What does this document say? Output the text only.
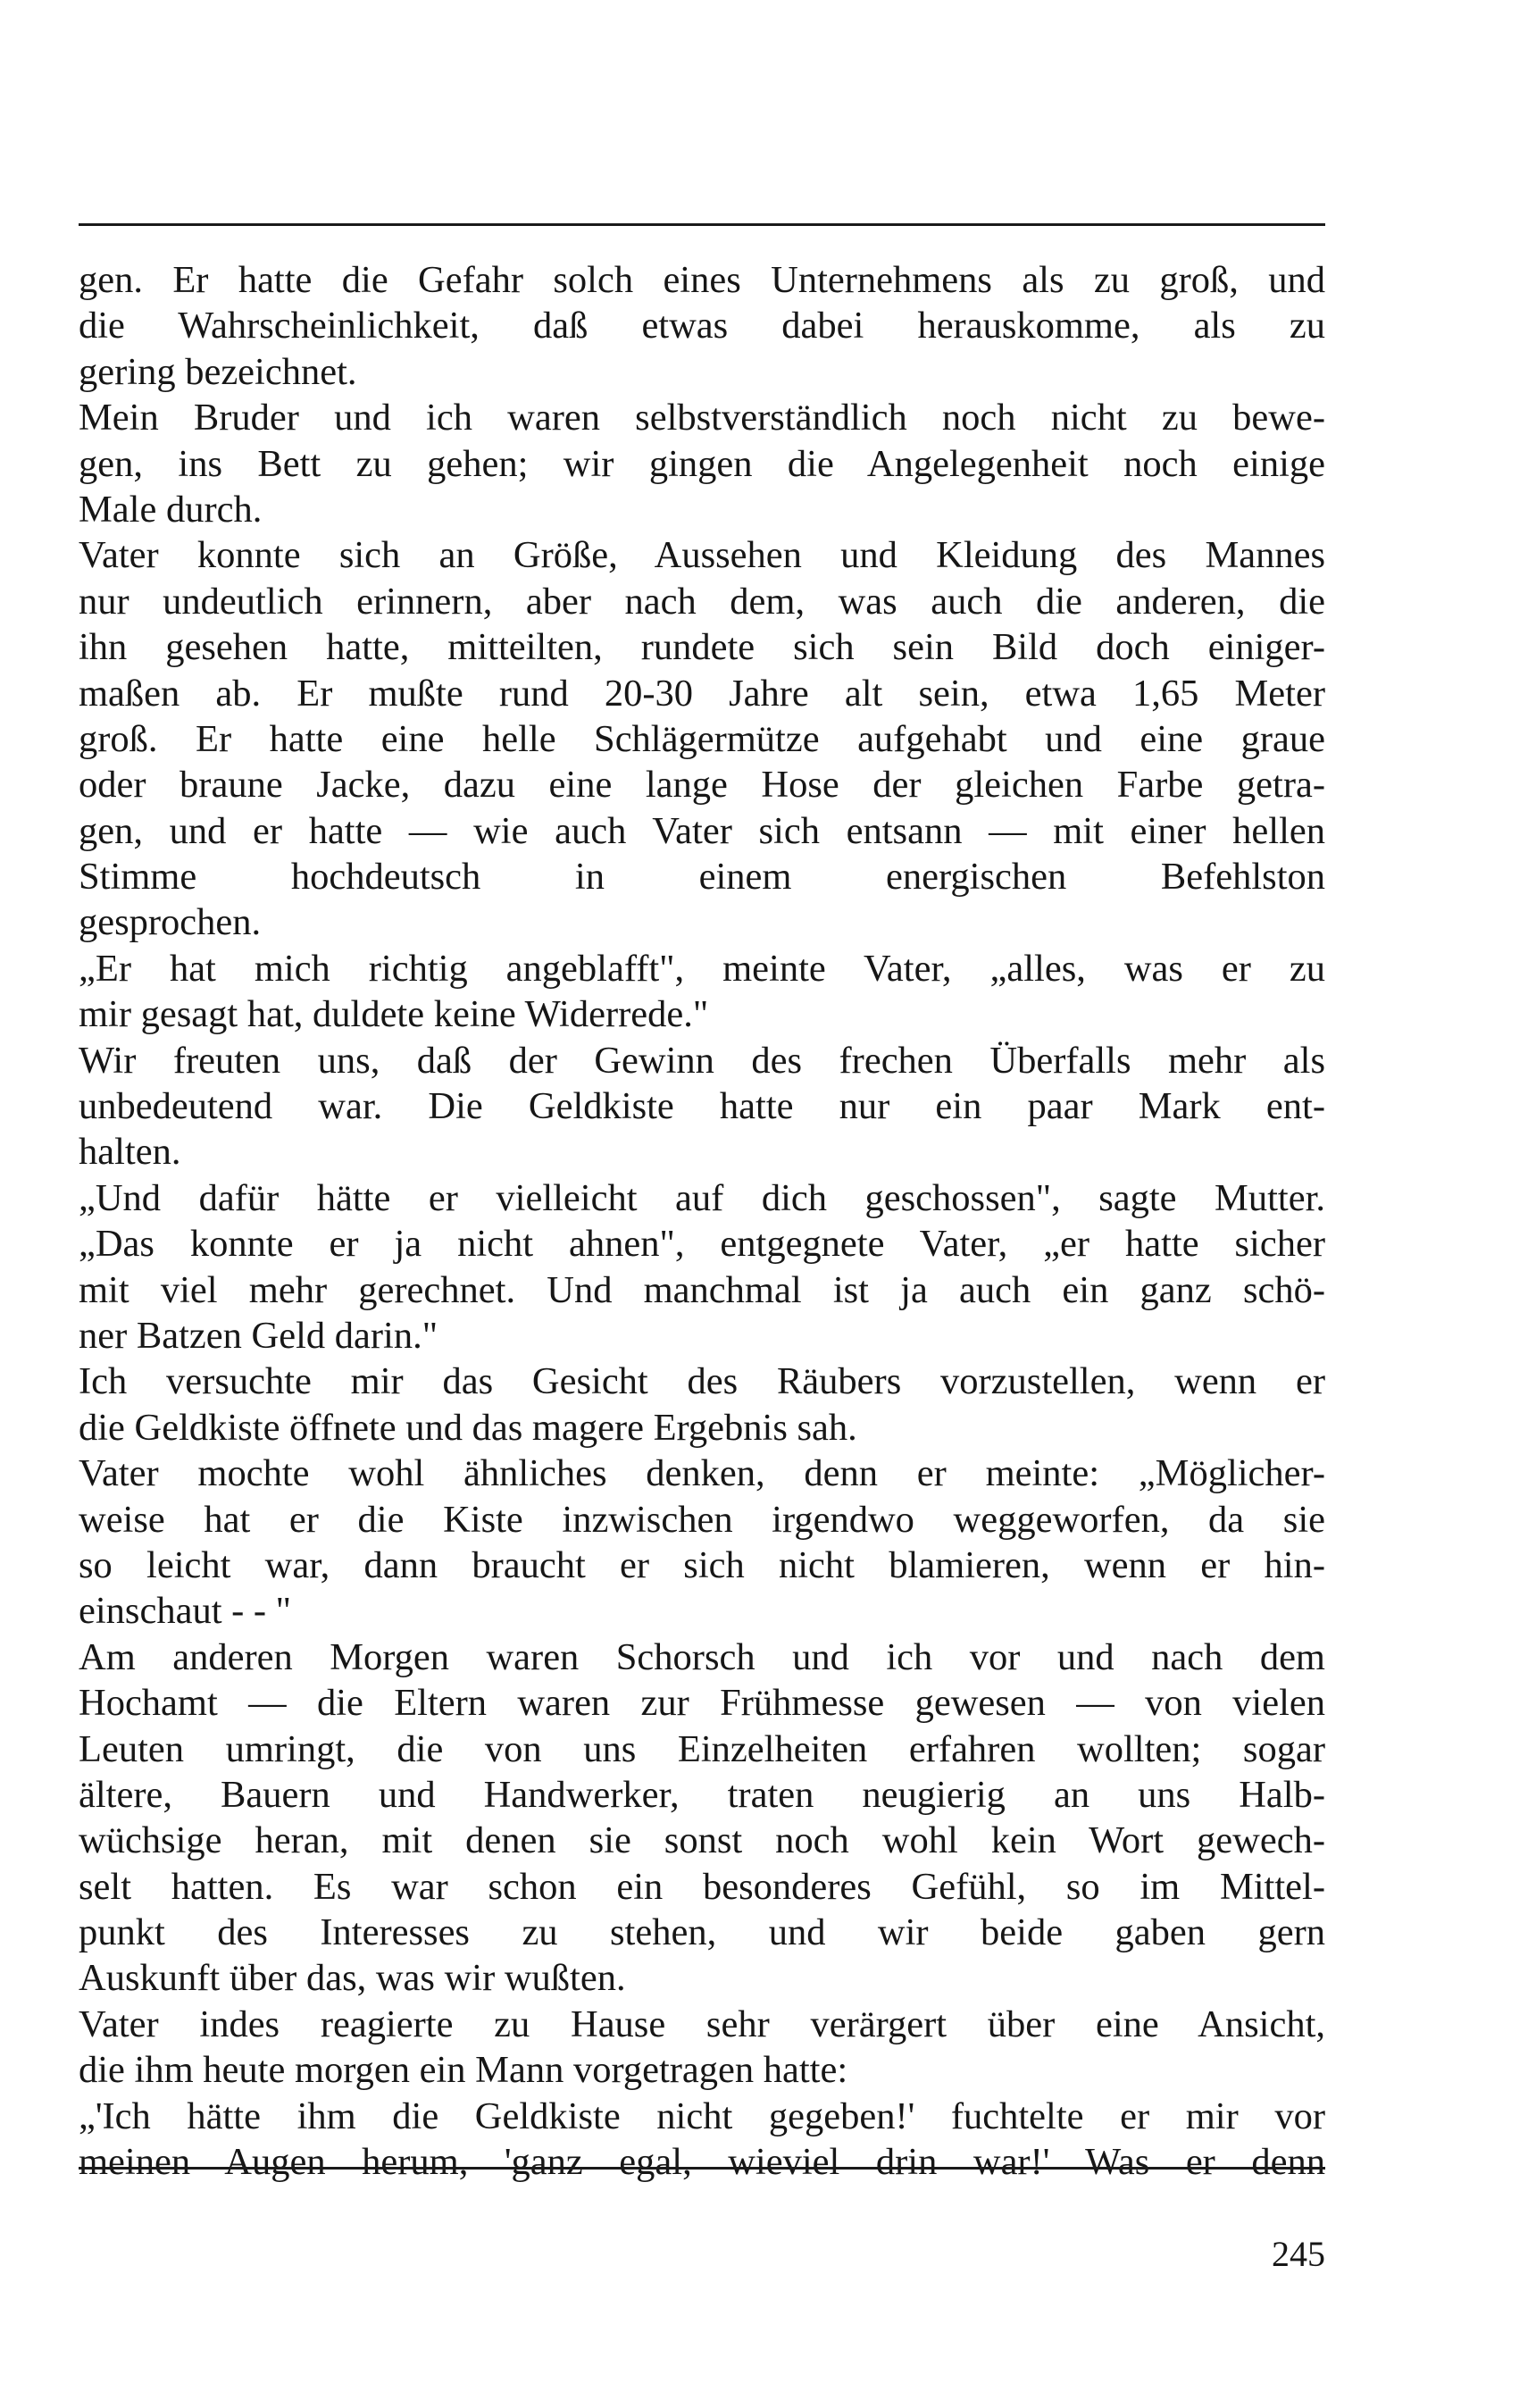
gen. Er hatte die Gefahr solch eines Unternehmens als zu groß, und
die Wahrscheinlichkeit, daß etwas dabei herauskomme, als zu
gering bezeichnet.
Mein Bruder und ich waren selbstverständlich noch nicht zu bewe-
gen, ins Bett zu gehen; wir gingen die Angelegenheit noch einige
Male durch.
Vater konnte sich an Größe, Aussehen und Kleidung des Mannes
nur undeutlich erinnern, aber nach dem, was auch die anderen, die
ihn gesehen hatte, mitteilten, rundete sich sein Bild doch einiger-
maßen ab. Er mußte rund 20-30 Jahre alt sein, etwa 1,65 Meter
groß. Er hatte eine helle Schlägermütze aufgehabt und eine graue
oder braune Jacke, dazu eine lange Hose der gleichen Farbe getra-
gen, und er hatte — wie auch Vater sich entsann — mit einer hellen
Stimme hochdeutsch in einem energischen Befehlston
gesprochen.
„Er hat mich richtig angeblafft", meinte Vater, „alles, was er zu
mir gesagt hat, duldete keine Widerrede."
Wir freuten uns, daß der Gewinn des frechen Überfalls mehr als
unbedeutend war. Die Geldkiste hatte nur ein paar Mark ent-
halten.
„Und dafür hätte er vielleicht auf dich geschossen", sagte Mutter.
„Das konnte er ja nicht ahnen", entgegnete Vater, „er hatte sicher
mit viel mehr gerechnet. Und manchmal ist ja auch ein ganz schö-
ner Batzen Geld darin."
Ich versuchte mir das Gesicht des Räubers vorzustellen, wenn er
die Geldkiste öffnete und das magere Ergebnis sah.
Vater mochte wohl ähnliches denken, denn er meinte: „Möglicher-
weise hat er die Kiste inzwischen irgendwo weggeworfen, da sie
so leicht war, dann braucht er sich nicht blamieren, wenn er hin-
einschaut - - "
Am anderen Morgen waren Schorsch und ich vor und nach dem
Hochamt — die Eltern waren zur Frühmesse gewesen — von vielen
Leuten umringt, die von uns Einzelheiten erfahren wollten; sogar
ältere, Bauern und Handwerker, traten neugierig an uns Halb-
wüchsige heran, mit denen sie sonst noch wohl kein Wort gewech-
selt hatten. Es war schon ein besonderes Gefühl, so im Mittel-
punkt des Interesses zu stehen, und wir beide gaben gern
Auskunft über das, was wir wußten.
Vater indes reagierte zu Hause sehr verärgert über eine Ansicht,
die ihm heute morgen ein Mann vorgetragen hatte:
„'Ich hätte ihm die Geldkiste nicht gegeben!' fuchtelte er mir vor
meinen Augen herum, 'ganz egal, wieviel drin war!' Was er denn
245
